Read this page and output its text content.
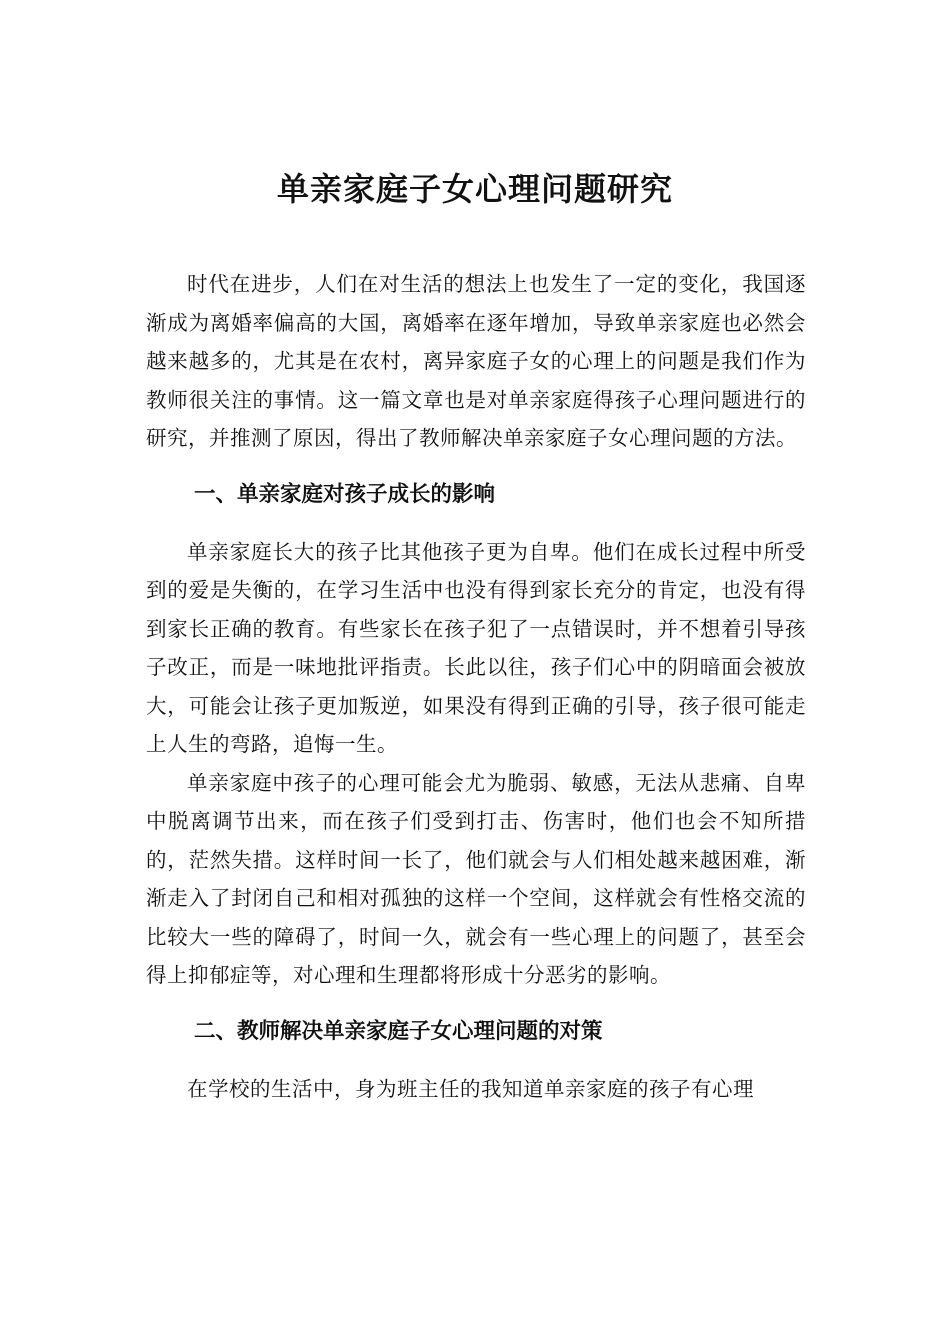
单亲家庭子女心理问题研究

时代在进步，人们在对生活的想法上也发生了一定的变化，我国逐渐成为离婚率偏高的大国，离婚率在逐年增加，导致单亲家庭也必然会越来越多的，尤其是在农村，离异家庭子女的心理上的问题是我们作为教师很关注的事情。这一篇文章也是对单亲家庭得孩子心理问题进行的研究，并推测了原因，得出了教师解决单亲家庭子女心理问题的方法。

一、单亲家庭对孩子成长的影响

单亲家庭长大的孩子比其他孩子更为自卑。他们在成长过程中所受到的爱是失衡的，在学习生活中也没有得到家长充分的肯定，也没有得到家长正确的教育。有些家长在孩子犯了一点错误时，并不想着引导孩子改正，而是一味地批评指责。长此以往，孩子们心中的阴暗面会被放大，可能会让孩子更加叛逆，如果没有得到正确的引导，孩子很可能走上人生的弯路，追悔一生。

单亲家庭中孩子的心理可能会尤为脆弱、敏感，无法从悲痛、自卑中脱离调节出来，而在孩子们受到打击、伤害时，他们也会不知所措的，茫然失措。这样时间一长了，他们就会与人们相处越来越困难，渐渐走入了封闭自己和相对孤独的这样一个空间，这样就会有性格交流的比较大一些的障碍了，时间一久，就会有一些心理上的问题了，甚至会得上抑郁症等，对心理和生理都将形成十分恶劣的影响。

二、教师解决单亲家庭子女心理问题的对策

在学校的生活中，身为班主任的我知道单亲家庭的孩子有心理
